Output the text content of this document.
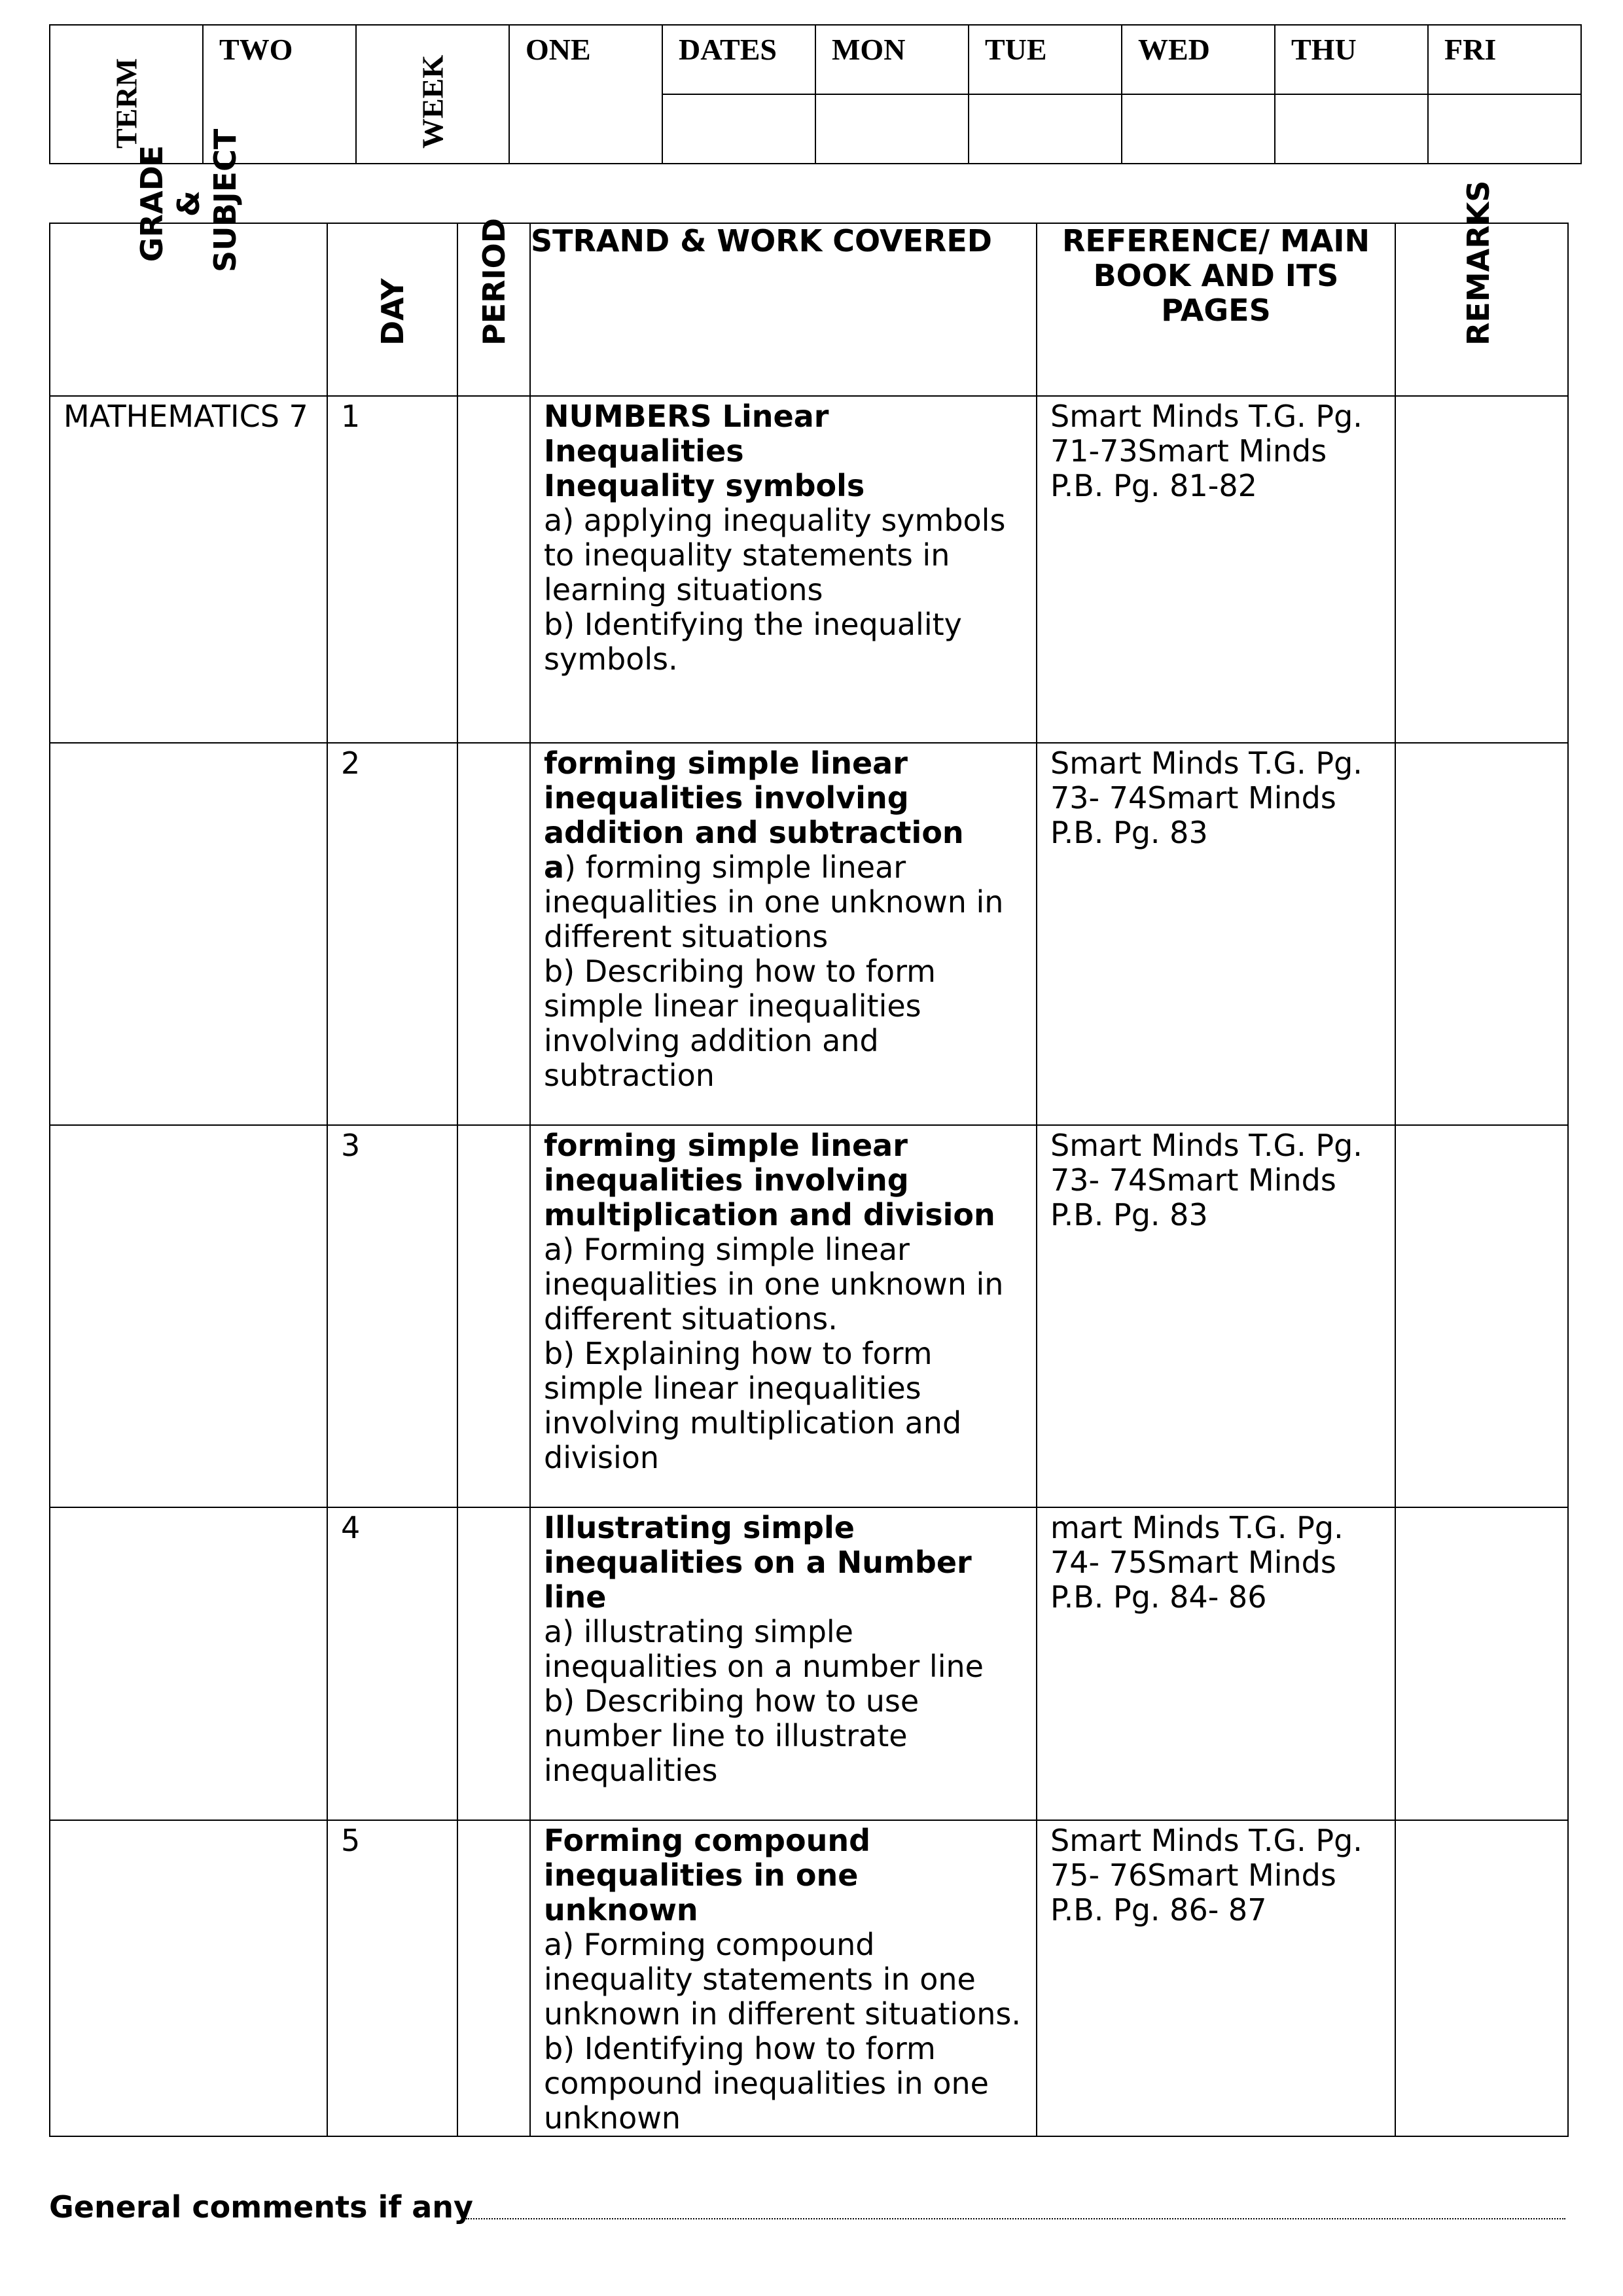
TERM	TWO	WEEK	ONE	DATES	MON	TUE	WED	THU	FRI

GRADE & SUBJECT	DAY	PERIOD	STRAND & WORK COVERED	REFERENCE/ MAIN BOOK AND ITS PAGES	REMARKS

MATHEMATICS 7	1		NUMBERS Linear Inequalities
Inequality symbols
a) applying inequality symbols to inequality statements in learning situations
b) Identifying the inequality symbols.	Smart Minds T.G. Pg. 71-73Smart Minds P.B. Pg. 81-82	
	2		forming simple linear inequalities involving addition and subtraction
a) forming simple linear inequalities in one unknown in different situations
b) Describing how to form simple linear inequalities involving addition and subtraction	Smart Minds T.G. Pg. 73- 74Smart Minds P.B. Pg. 83	
	3		forming simple linear inequalities involving multiplication and division
a) Forming simple linear inequalities in one unknown in different situations.
b) Explaining how to form simple linear inequalities involving multiplication and division	Smart Minds T.G. Pg. 73- 74Smart Minds P.B. Pg. 83	
	4		Illustrating simple inequalities on a Number line
a) illustrating simple inequalities on a number line
b) Describing how to use number line to illustrate inequalities	mart Minds T.G. Pg. 74- 75Smart Minds P.B. Pg. 84- 86	
	5		Forming compound inequalities in one unknown
a) Forming compound inequality statements in one unknown in different situations.
b) Identifying how to form compound inequalities in one unknown	Smart Minds T.G. Pg. 75- 76Smart Minds P.B. Pg. 86- 87	
General comments if any
